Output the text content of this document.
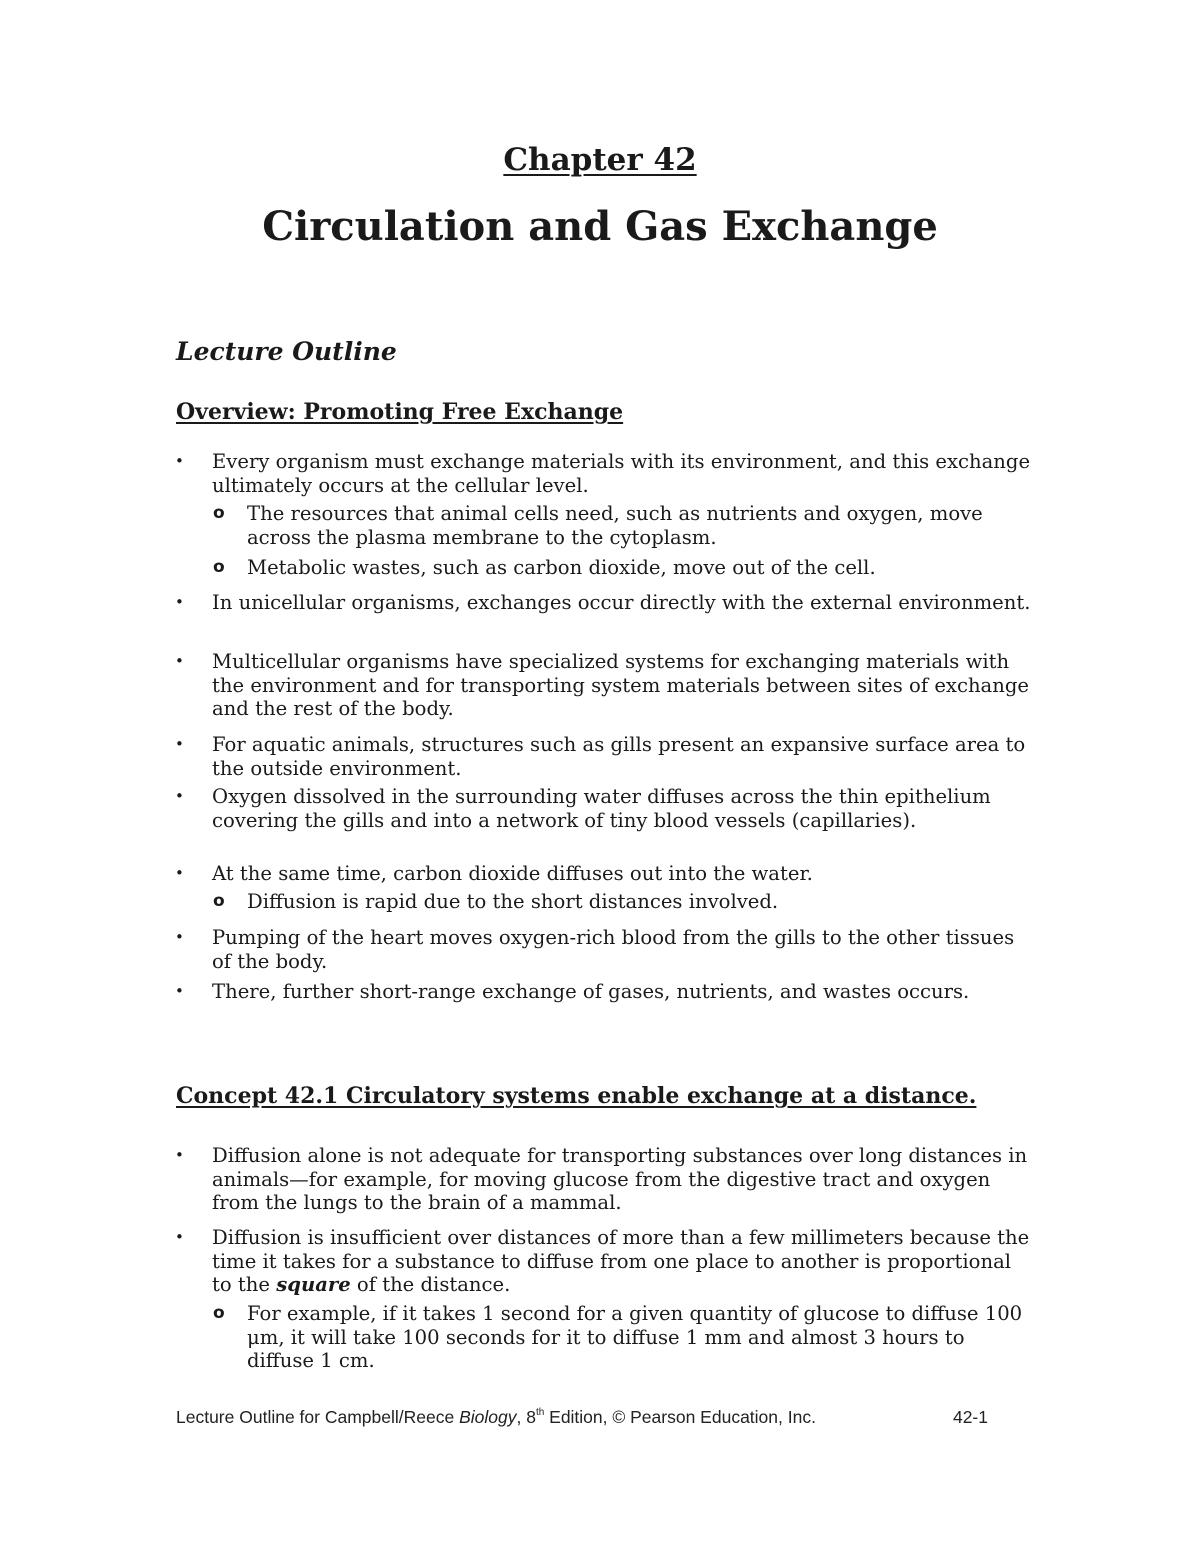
Chapter 42
Circulation and Gas Exchange
Lecture Outline
Overview: Promoting Free Exchange
• Every organism must exchange materials with its environment, and this exchange ultimately occurs at the cellular level.
o The resources that animal cells need, such as nutrients and oxygen, move across the plasma membrane to the cytoplasm.
o Metabolic wastes, such as carbon dioxide, move out of the cell.
• In unicellular organisms, exchanges occur directly with the external environment.
• Multicellular organisms have specialized systems for exchanging materials with the environment and for transporting system materials between sites of exchange and the rest of the body.
• For aquatic animals, structures such as gills present an expansive surface area to the outside environment.
• Oxygen dissolved in the surrounding water diffuses across the thin epithelium covering the gills and into a network of tiny blood vessels (capillaries).
• At the same time, carbon dioxide diffuses out into the water.
o Diffusion is rapid due to the short distances involved.
• Pumping of the heart moves oxygen-rich blood from the gills to the other tissues of the body.
• There, further short-range exchange of gases, nutrients, and wastes occurs.
Concept 42.1 Circulatory systems enable exchange at a distance.
• Diffusion alone is not adequate for transporting substances over long distances in animals—for example, for moving glucose from the digestive tract and oxygen from the lungs to the brain of a mammal.
• Diffusion is insufficient over distances of more than a few millimeters because the time it takes for a substance to diffuse from one place to another is proportional to the square of the distance.
o For example, if it takes 1 second for a given quantity of glucose to diffuse 100 μm, it will take 100 seconds for it to diffuse 1 mm and almost 3 hours to diffuse 1 cm.
Lecture Outline for Campbell/Reece Biology, 8th Edition, © Pearson Education, Inc.	42-1
